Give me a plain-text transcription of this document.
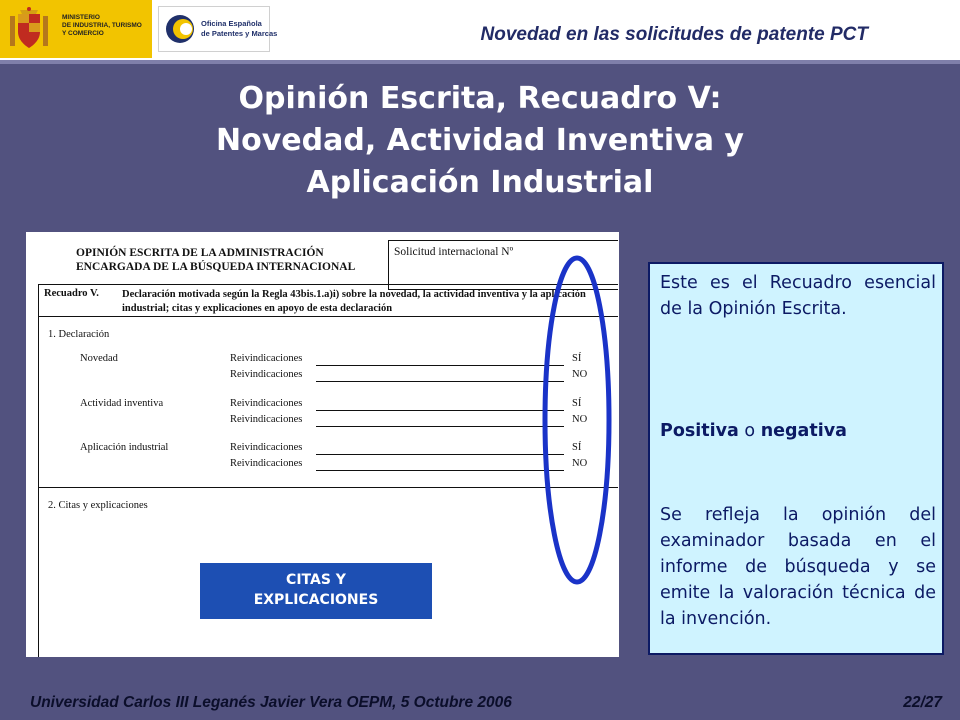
MINISTERIO
DE INDUSTRIA, TURISMO
Y COMERCIO
Oficina Española
de Patentes y Marcas	Novedad en las solicitudes de patente PCT
Opinión Escrita, Recuadro V:
Novedad, Actividad Inventiva y
Aplicación Industrial
OPINIÓN ESCRITA DE LA ADMINISTRACIÓN
ENCARGADA DE LA BÚSQUEDA INTERNACIONAL
Solicitud internacional Nº
Recuadro V. Declaración motivada según la Regla 43bis.1.a)i) sobre la novedad, la actividad inventiva y la aplicación industrial; citas y explicaciones en apoyo de esta declaración
1. Declaración
Novedad	Reivindicaciones	SÍ
Reivindicaciones	NO
Actividad inventiva	Reivindicaciones	SÍ
Reivindicaciones	NO
Aplicación industrial	Reivindicaciones	SÍ
Reivindicaciones	NO
2. Citas y explicaciones
CITAS Y
EXPLICACIONES
Este es el Recuadro esencial de la Opinión Escrita.
Positiva o negativa
Se refleja la opinión del examinador basada en el informe de búsqueda y se emite la valoración técnica de la invención.
Universidad Carlos III Leganés Javier Vera OEPM, 5 Octubre 2006	22/27
